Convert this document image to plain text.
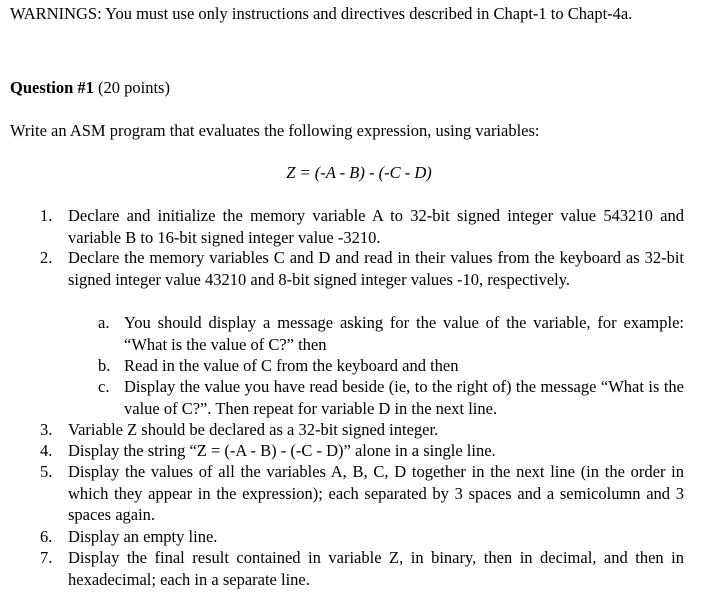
WARNINGS: You must use only instructions and directives described in Chapt-1 to Chapt-4a.
Question #1 (20 points)
Write an ASM program that evaluates the following expression, using variables:
Z = (-A - B) - (-C - D)
1. Declare and initialize the memory variable A to 32-bit signed integer value 543210 and variable B to 16-bit signed integer value -3210.
2. Declare the memory variables C and D and read in their values from the keyboard as 32-bit signed integer value 43210 and 8-bit signed integer values -10, respectively.
a. You should display a message asking for the value of the variable, for example: “What is the value of C?” then
b. Read in the value of C from the keyboard and then
c. Display the value you have read beside (ie, to the right of) the message “What is the value of C?”. Then repeat for variable D in the next line.
3. Variable Z should be declared as a 32-bit signed integer.
4. Display the string “Z = (-A - B) - (-C - D)” alone in a single line.
5. Display the values of all the variables A, B, C, D together in the next line (in the order in which they appear in the expression); each separated by 3 spaces and a semicolumn and 3 spaces again.
6. Display an empty line.
7. Display the final result contained in variable Z, in binary, then in decimal, and then in hexadecimal; each in a separate line.
